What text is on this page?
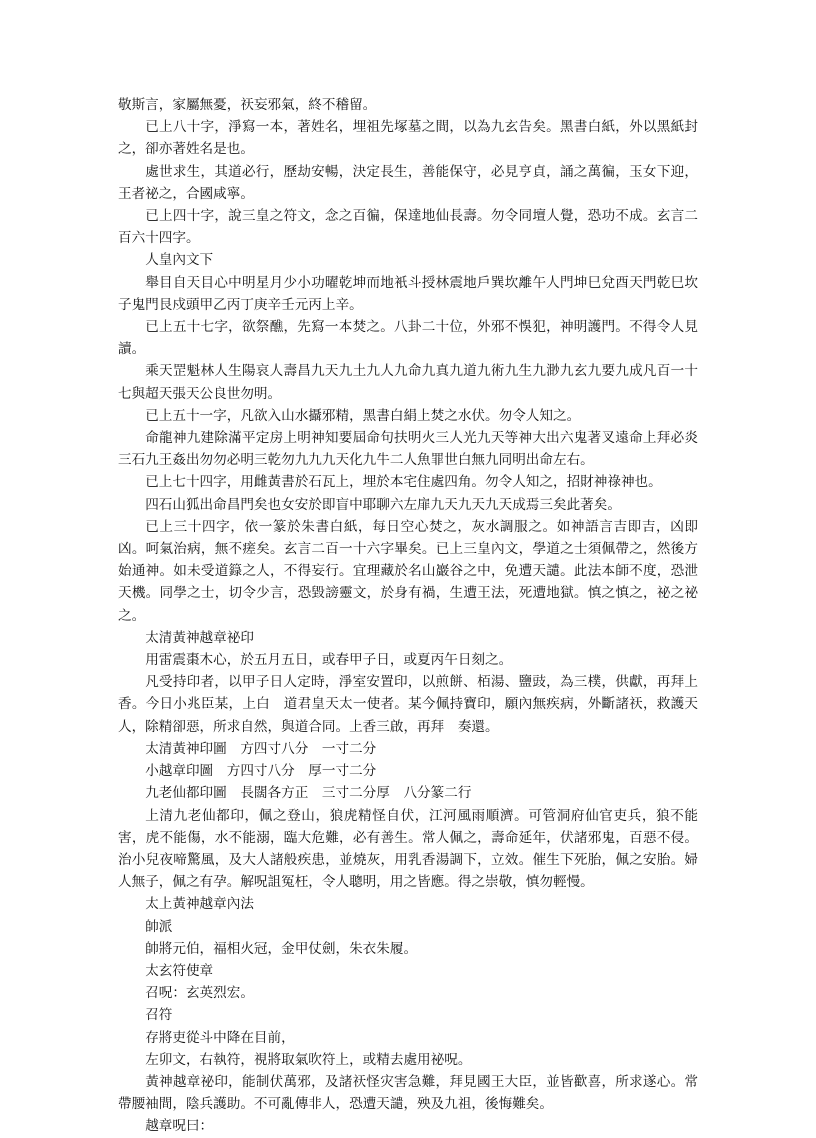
敬斯言，家屬無憂，祆妄邪氣，終不稽留。

已上八十字，淨寫一本，著姓名，埋祖先塚墓之間，以為九玄告矣。黑書白紙，外以黑紙封之，卻亦著姓名是也。

處世求生，其道必行，歷劫安暢，決定長生，善能保守，必見亨貞，誦之萬徧，玉女下迎，王者祕之，合國咸寧。

已上四十字，說三皇之符文，念之百徧，保達地仙長壽。勿令同壇人覺，恐功不成。玄言二百六十四字。

人皇內文下

舉目自天目心中明星月少小功曜乾坤而地衹斗授林震地戶巽坎離午人門坤巳兌酉天門乾巳坎子鬼門艮戍頭甲乙丙丁庚辛壬元丙上辛。

已上五十七字，欲祭醮，先寫一本焚之。八卦二十位，外邪不悞犯，神明護門。不得令人見讀。

乘天罡魁林人生陽哀人壽昌九天九土九人九命九真九道九術九生九渺九玄九要九成凡百一十七與超天張天公良世勿明。

已上五十一字，凡欲入山水攝邪精，黑書白絹上焚之水伏。勿令人知之。

命龍神九建除滿平定房上明神知要屆命句扶明火三人光九天等神大出六鬼著叉遠命上拜必炎三石九王姦出勿勿必明三乾勿九九九天化九牛二人魚罪世白無九同明出命左右。

已上七十四字，用雌黃書於石瓦上，埋於本宅住處四角。勿令人知之，招財神祿神也。

四石山狐出命昌門矣也女安於即盲中耶聊六左扉九天九天九天成焉三矣此著矣。

已上三十四字，依一篆於朱書白紙，每日空心焚之，灰水調服之。如神語言吉即吉，凶即凶。呵氣治病，無不瘥矣。玄言二百一十六字畢矣。已上三皇內文，學道之士須佩帶之，然後方始通神。如未受道籙之人，不得妄行。宜理藏於名山巖谷之中，免遭天譴。此法本師不度，恐泄天機。同學之士，切令少言，恐毀謗靈文，於身有禍，生遭王法，死遭地獄。慎之慎之，祕之祕之。

太清黃神越章祕印

用雷震棗木心，於五月五日，或春甲子日，或夏丙午日刻之。

凡受持印者，以甲子日人定時，淨室安置印，以煎餅、栢湯、鹽豉，為三樸，供獻，再拜上香。今日小兆臣某，上白　道君皇天太一使者。某今佩持寶印，願內無疾病，外斷諸祆，救護天人，除精卻惡，所求自然，與道合同。上香三啟，再拜　奏還。

太清黃神印圖　方四寸八分　一寸二分

小越章印圖　方四寸八分　厚一寸二分

九老仙都印圖　長闊各方正　三寸二分厚　八分篆二行

上清九老仙都印，佩之登山，狼虎精怪自伏，江河風雨順濟。可管洞府仙官吏兵，狼不能害，虎不能傷，水不能溺，臨大危難，必有善生。常人佩之，壽命延年，伏諸邪鬼，百惡不侵。治小兒夜啼驚風，及大人諸般疾患，並燒灰，用乳香湯調下，立效。催生下死胎，佩之安胎。婦人無子，佩之有孕。解呪詛冤枉，令人聰明，用之皆應。得之崇敬，慎勿輕慢。

太上黃神越章內法

帥派

帥將元伯，福相火冠，金甲仗劍，朱衣朱履。

太玄符使章

召呪：玄英烈宏。

召符

存將吏從斗中降在目前，

左卯文，右執符，視將取氣吹符上，或精去處用祕呪。

黃神越章祕印，能制伏萬邪，及諸祆怪灾害急難，拜見國王大臣，並皆歡喜，所求遂心。常帶腰袖間，陰兵護助。不可亂傳非人，恐遭天譴，殃及九祖，後悔難矣。

越章呪曰：
